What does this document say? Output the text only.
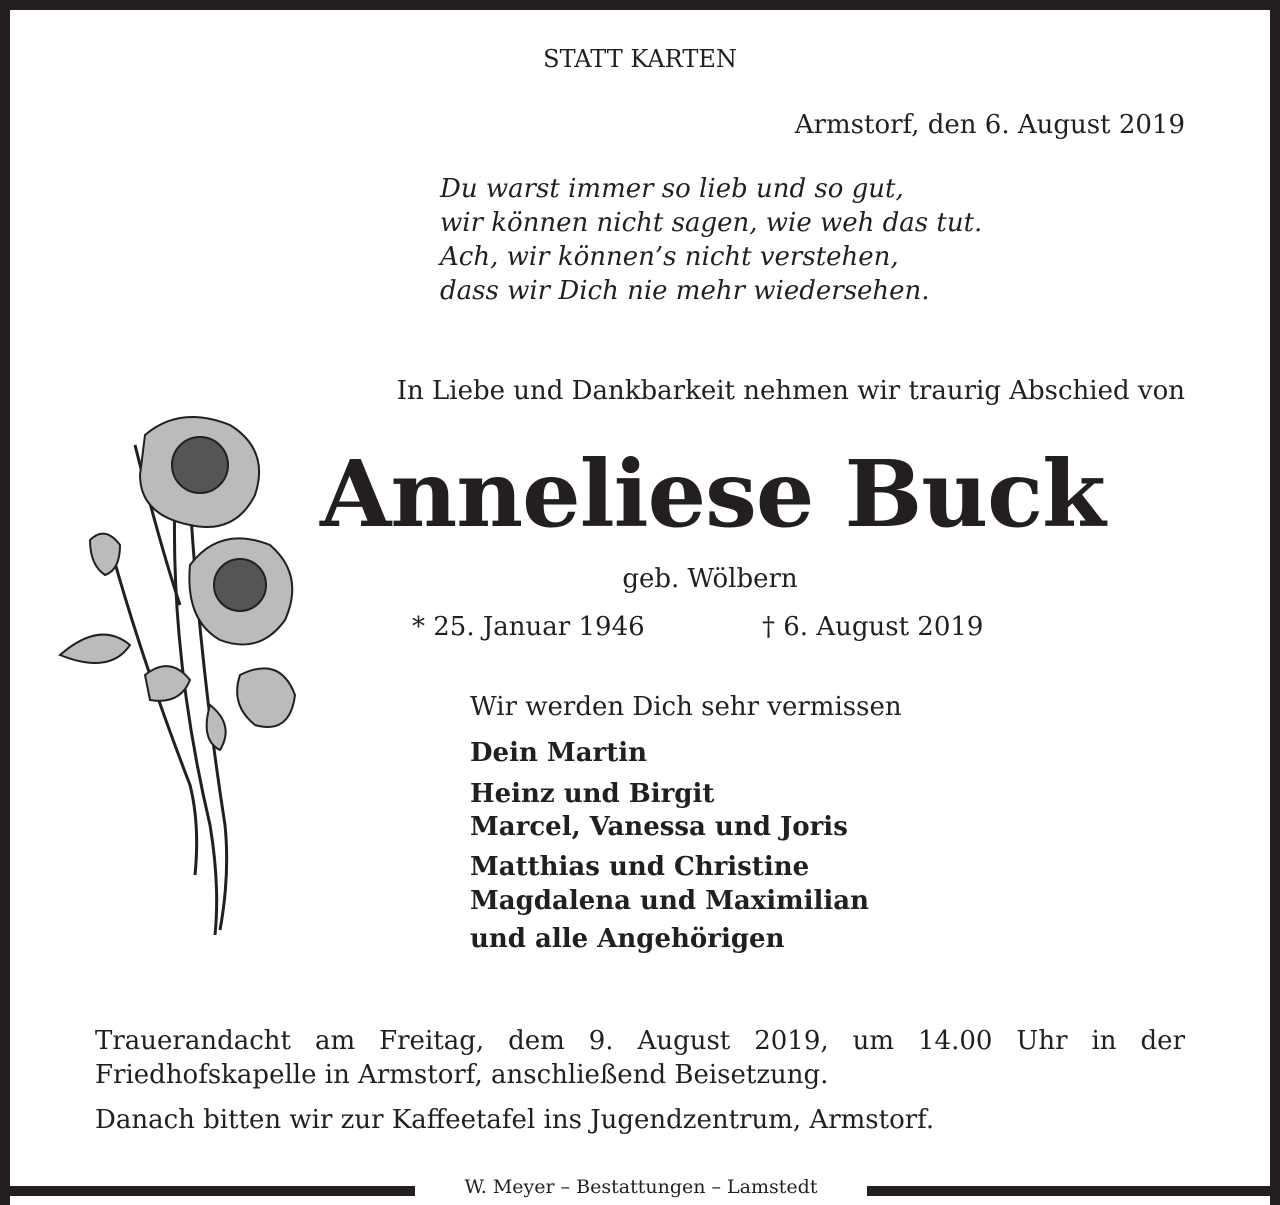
STATT KARTEN
Armstorf, den 6. August 2019
Du warst immer so lieb und so gut,
wir können nicht sagen, wie weh das tut.
Ach, wir können’s nicht verstehen,
dass wir Dich nie mehr wiedersehen.
In Liebe und Dankbarkeit nehmen wir traurig Abschied von
Anneliese Buck
geb. Wölbern
* 25. Januar 1946	† 6. August 2019
Wir werden Dich sehr vermissen
Dein Martin
Heinz und Birgit
Marcel, Vanessa und Joris
Matthias und Christine
Magdalena und Maximilian
und alle Angehörigen
Trauerandacht am Freitag, dem 9. August 2019, um 14.00 Uhr in der Friedhofskapelle in Armstorf, anschließend Beisetzung.
Danach bitten wir zur Kaffeetafel ins Jugendzentrum, Armstorf.
W. Meyer – Bestattungen – Lamstedt
